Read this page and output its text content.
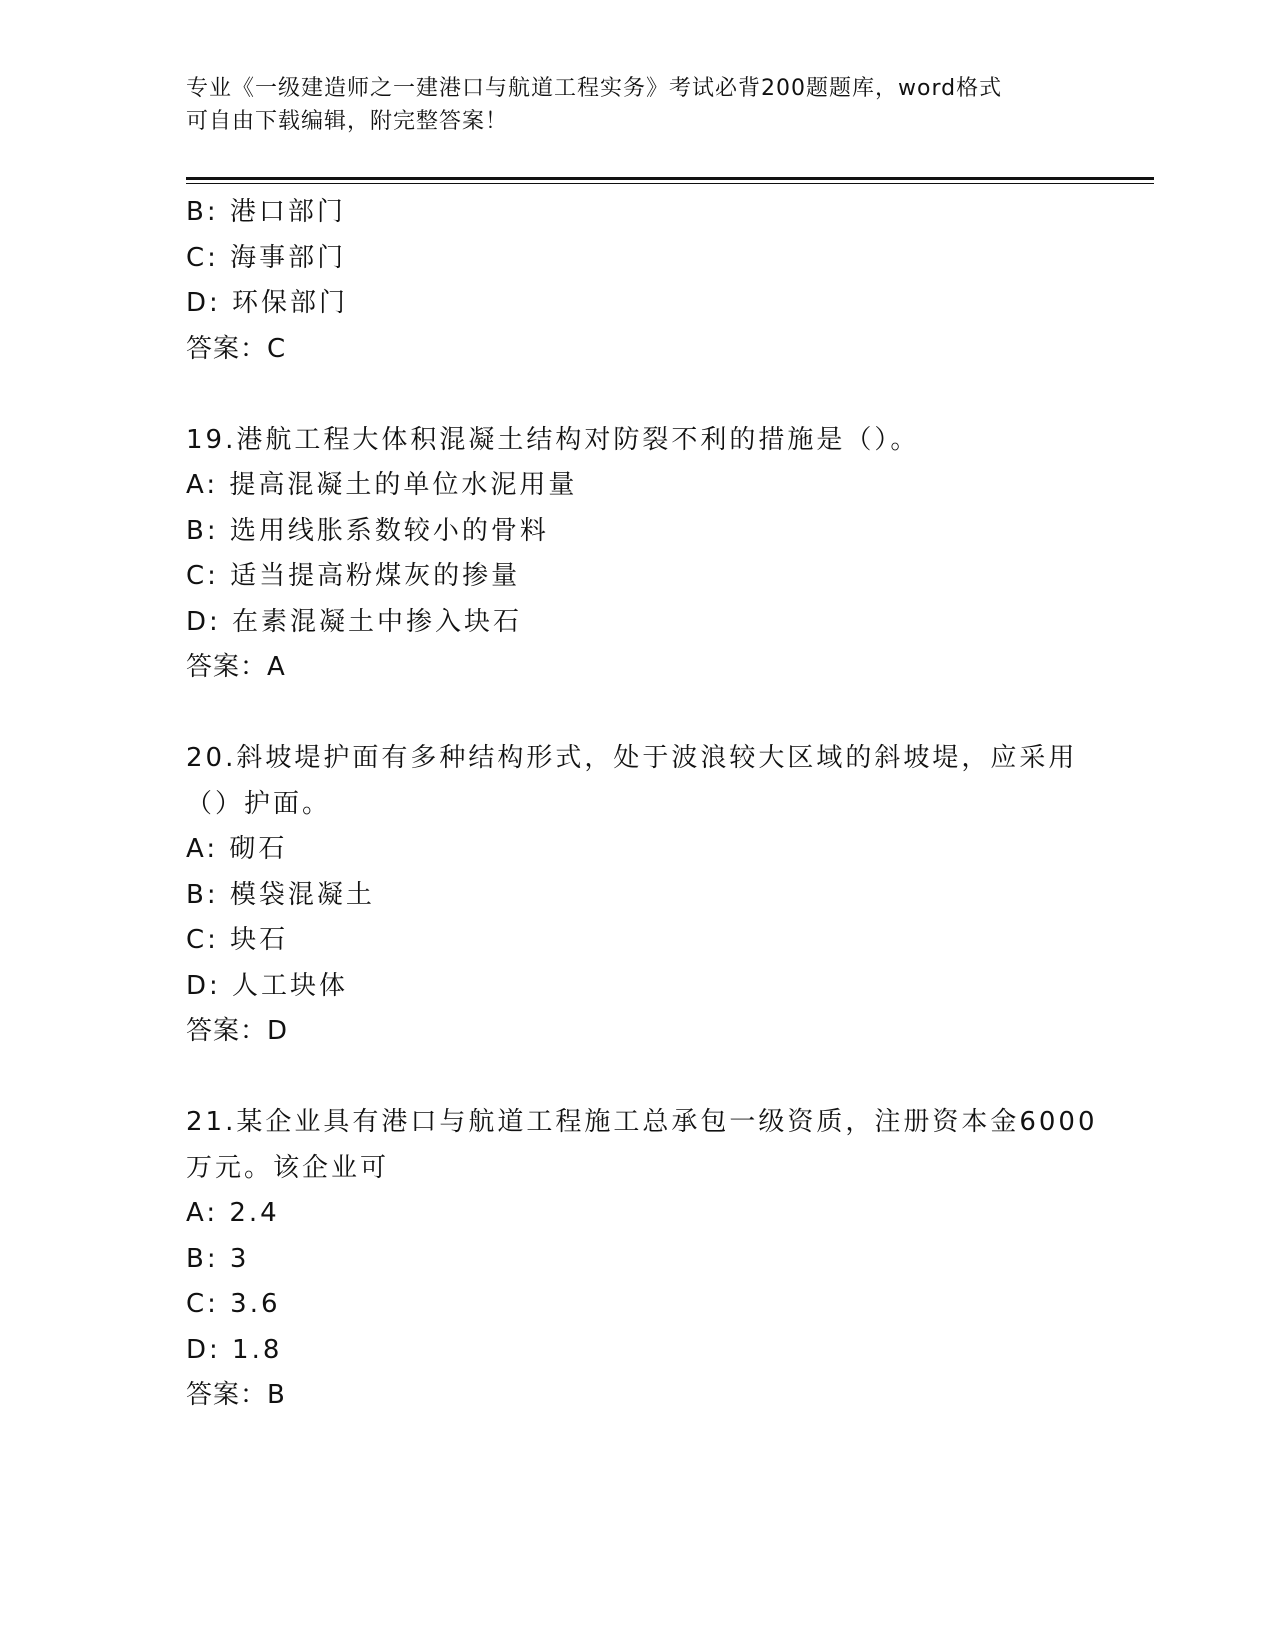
专业《一级建造师之一建港口与航道工程实务》考试必背200题题库，word格式
可自由下载编辑，附完整答案！
B: 港口部门
C: 海事部门
D: 环保部门
答案：C
19.港航工程大体积混凝土结构对防裂不利的措施是（）。
A: 提高混凝土的单位水泥用量
B: 选用线胀系数较小的骨料
C: 适当提高粉煤灰的掺量
D: 在素混凝土中掺入块石
答案：A
20.斜坡堤护面有多种结构形式，处于波浪较大区域的斜坡堤，应采用
（）护面。
A: 砌石
B: 模袋混凝土
C: 块石
D: 人工块体
答案：D
21.某企业具有港口与航道工程施工总承包一级资质，注册资本金6000
万元。该企业可
A: 2.4
B: 3
C: 3.6
D: 1.8
答案：B
